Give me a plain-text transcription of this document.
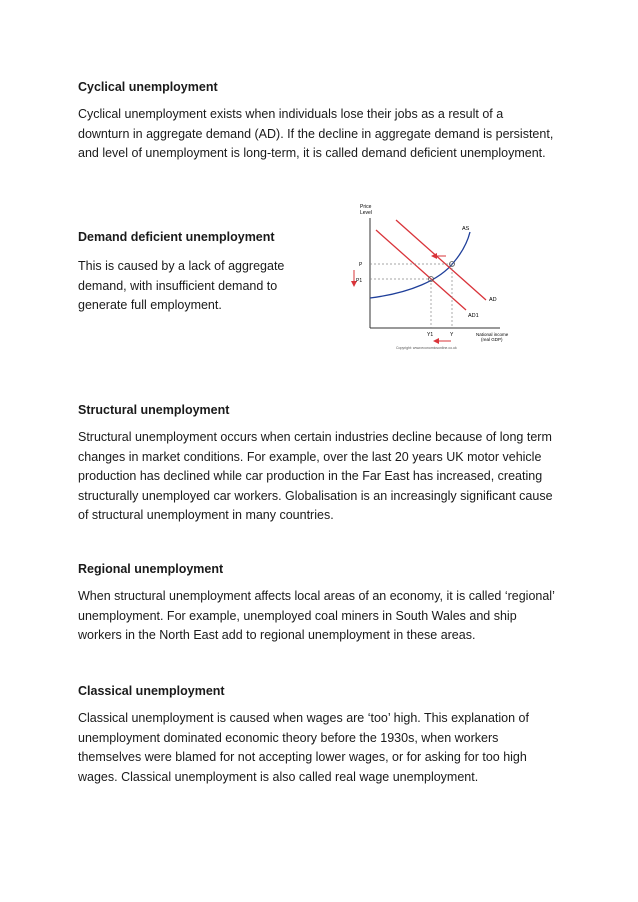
Cyclical unemployment

Cyclical unemployment exists when individuals lose their jobs as a result of a downturn in aggregate demand (AD). If the decline in aggregate demand is persistent, and level of unemployment is long-term, it is called demand deficient unemployment.

Demand deficient unemployment

This is caused by a lack of aggregate demand, with insufficient demand to generate full employment.

Price
Level
AS
AD
AD1
P
P1
Y1	Y	National income
(real GDP)
Copyright: www.economicsonline.co.uk

Structural unemployment

Structural unemployment occurs when certain industries decline because of long term changes in market conditions. For example, over the last 20 years UK motor vehicle production has declined while car production in the Far East has increased, creating structurally unemployed car workers. Globalisation is an increasingly significant cause of structural unemployment in many countries.

Regional unemployment

When structural unemployment affects local areas of an economy, it is called ‘regional’ unemployment. For example, unemployed coal miners in South Wales and ship workers in the North East add to regional unemployment in these areas.

Classical unemployment

Classical unemployment is caused when wages are ‘too’ high. This explanation of unemployment dominated economic theory before the 1930s, when workers themselves were blamed for not accepting lower wages, or for asking for too high wages. Classical unemployment is also called real wage unemployment.
